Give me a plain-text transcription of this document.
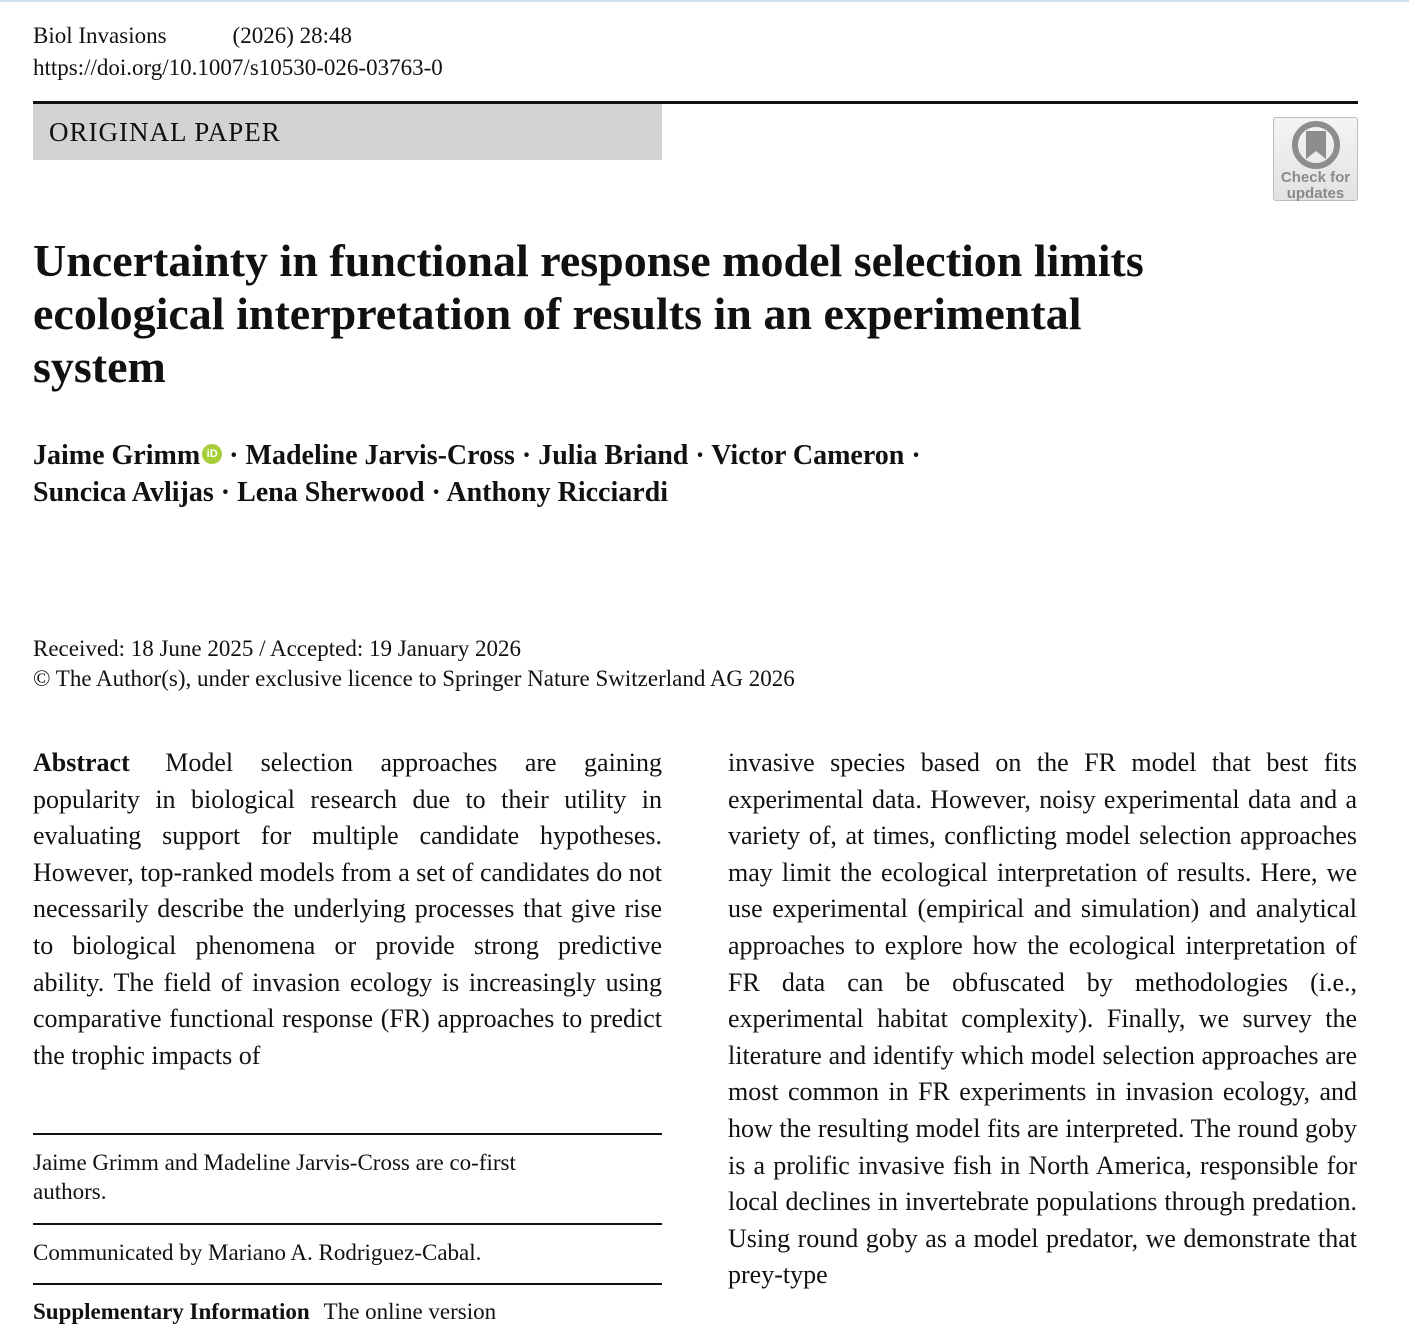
Biol Invasions	(2026) 28:48
https://doi.org/10.1007/s10530-026-03763-0
ORIGINAL PAPER
Check for
updates
Uncertainty in functional response model selection limits ecological interpretation of results in an experimental system
Jaime Grimm iD · Madeline Jarvis-Cross · Julia Briand · Victor Cameron ·
Suncica Avlijas · Lena Sherwood · Anthony Ricciardi
Received: 18 June 2025 / Accepted: 19 January 2026
© The Author(s), under exclusive licence to Springer Nature Switzerland AG 2026

Abstract Model selection approaches are gaining popularity in biological research due to their utility in evaluating support for multiple candidate hypotheses. However, top-ranked models from a set of candidates do not necessarily describe the underlying processes that give rise to biological phenomena or provide strong predictive ability. The field of invasion ecology is increasingly using comparative functional response (FR) approaches to predict the trophic impacts of

invasive species based on the FR model that best fits experimental data. However, noisy experimental data and a variety of, at times, conflicting model selection approaches may limit the ecological interpretation of results. Here, we use experimental (empirical and simulation) and analytical approaches to explore how the ecological interpretation of FR data can be obfuscated by methodologies (i.e., experimental habitat complexity). Finally, we survey the literature and identify which model selection approaches are most common in FR experiments in invasion ecology, and how the resulting model fits are interpreted. The round goby is a prolific invasive fish in North America, responsible for local declines in invertebrate populations through predation. Using round goby as a model predator, we demonstrate that prey-type

Jaime Grimm and Madeline Jarvis-Cross are co-first authors.
Communicated by Mariano A. Rodriguez-Cabal.
Supplementary Information The online version
